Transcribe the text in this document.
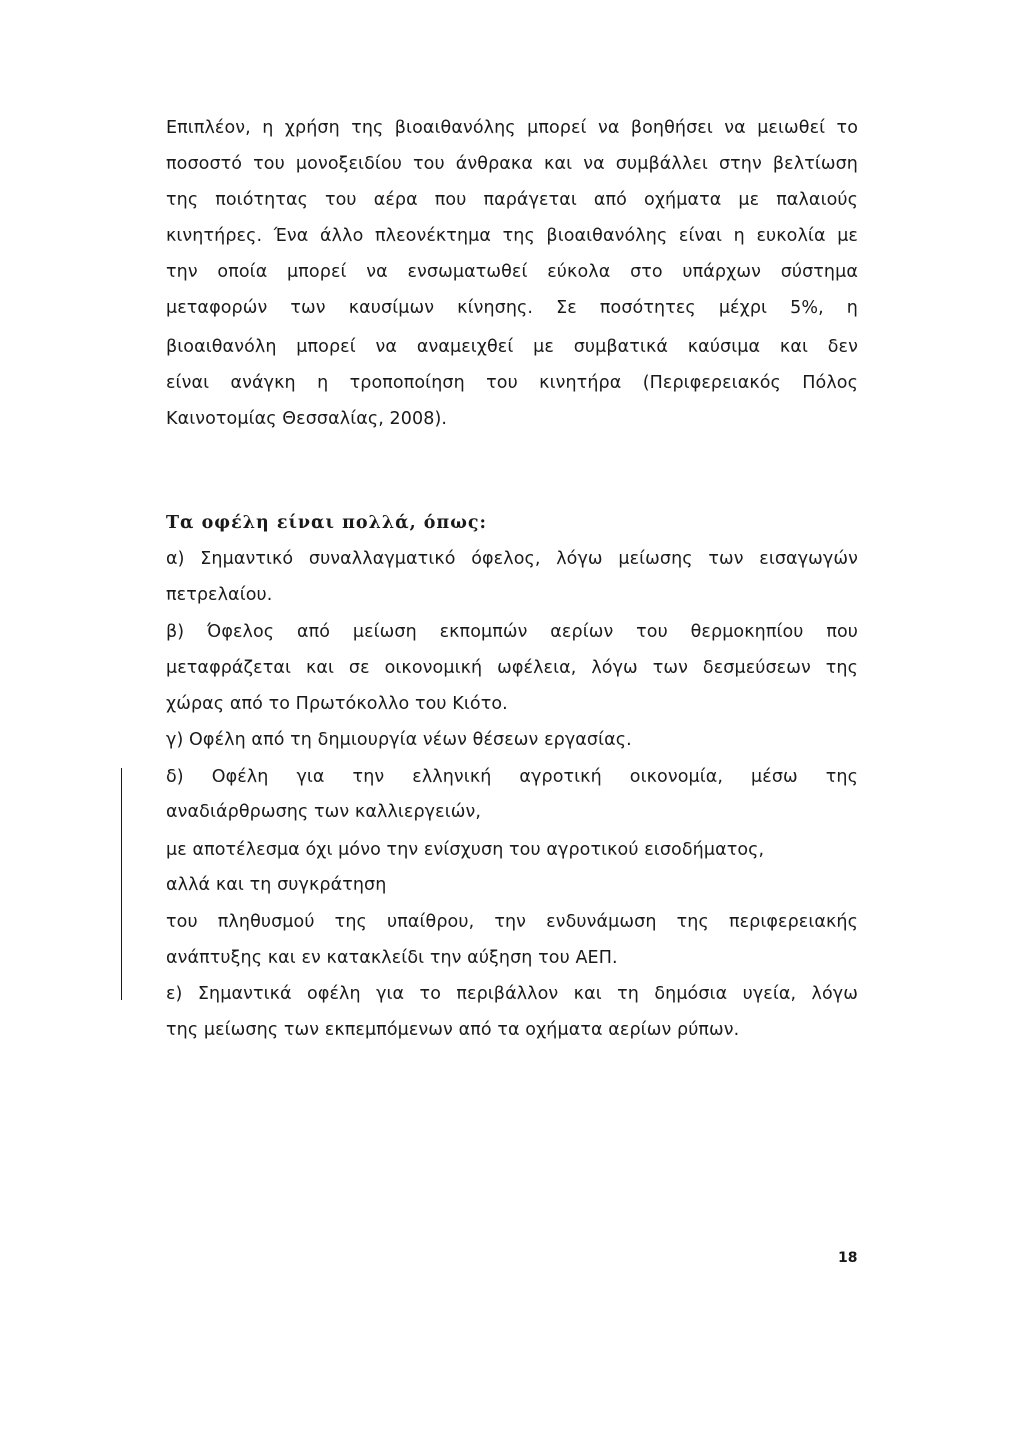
Επιπλέον, η χρήση της βιοαιθανόλης μπορεί να βοηθήσει να μειωθεί το
ποσοστό του μονοξειδίου του άνθρακα και να συμβάλλει στην βελτίωση
της ποιότητας του αέρα που παράγεται από οχήματα με παλαιούς
κινητήρες. Ένα άλλο πλεονέκτημα της βιοαιθανόλης είναι η ευκολία με
την οποία μπορεί να ενσωματωθεί εύκολα στο υπάρχων σύστημα
μεταφορών των καυσίμων κίνησης. Σε ποσότητες μέχρι 5%, η
βιοαιθανόλη μπορεί να αναμειχθεί με συμβατικά καύσιμα και δεν
είναι ανάγκη η τροποποίηση του κινητήρα (Περιφερειακός Πόλος
Καινοτομίας Θεσσαλίας, 2008).
Τα οφέλη είναι πολλά, όπως:
α) Σημαντικό συναλλαγματικό όφελος, λόγω μείωσης των εισαγωγών
πετρελαίου.
β) Όφελος από μείωση εκπομπών αερίων του θερμοκηπίου που
μεταφράζεται και σε οικονομική ωφέλεια, λόγω των δεσμεύσεων της
χώρας από το Πρωτόκολλο του Κιότο.
γ) Οφέλη από τη δημιουργία νέων θέσεων εργασίας.
δ) Οφέλη για την ελληνική αγροτική οικονομία, μέσω της
αναδιάρθρωσης των καλλιεργειών,
με αποτέλεσμα όχι μόνο την ενίσχυση του αγροτικού εισοδήματος,
αλλά και τη συγκράτηση
του πληθυσμού της υπαίθρου, την ενδυνάμωση της περιφερειακής
ανάπτυξης και εν κατακλείδι την αύξηση του ΑΕΠ.
ε) Σημαντικά οφέλη για το περιβάλλον και τη δημόσια υγεία, λόγω
της μείωσης των εκπεμπόμενων από τα οχήματα αερίων ρύπων.
18
